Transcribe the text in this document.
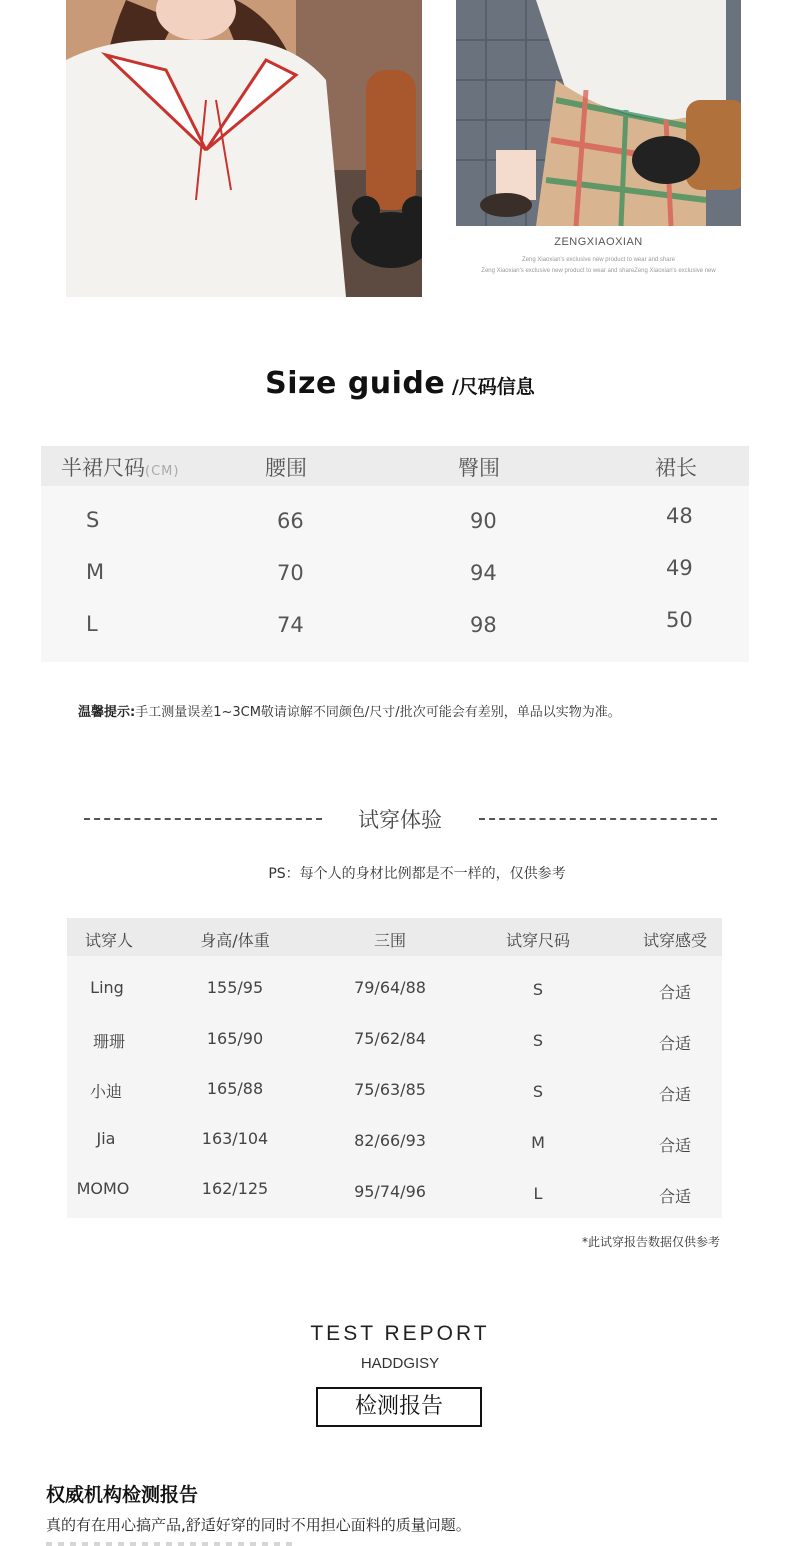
ZENGXIAOXIAN
Zeng Xiaoxian's exclusive new product to wear and share
Zeng Xiaoxian's exclusive new product to wear and shareZeng Xiaoxian's exclusive new
Size guide /尺码信息
半裙尺码(CM)	腰围	臀围	裙长
S	66	90	48
M	70	94	49
L	74	98	50
温馨提示:手工测量误差1~3CM敬请谅解不同颜色/尺寸/批次可能会有差别，单品以实物为准。
试穿体验
PS：每个人的身材比例都是不一样的，仅供参考
试穿人	身高/体重	三围	试穿尺码	试穿感受
Ling	155/95	79/64/88	S	合适
珊珊	165/90	75/62/84	S	合适
小迪	165/88	75/63/85	S	合适
Jia	163/104	82/66/93	M	合适
MOMO	162/125	95/74/96	L	合适
*此试穿报告数据仅供参考
TEST REPORT
HADDGISY
检测报告
权威机构检测报告
真的有在用心搞产品,舒适好穿的同时不用担心面料的质量问题。
